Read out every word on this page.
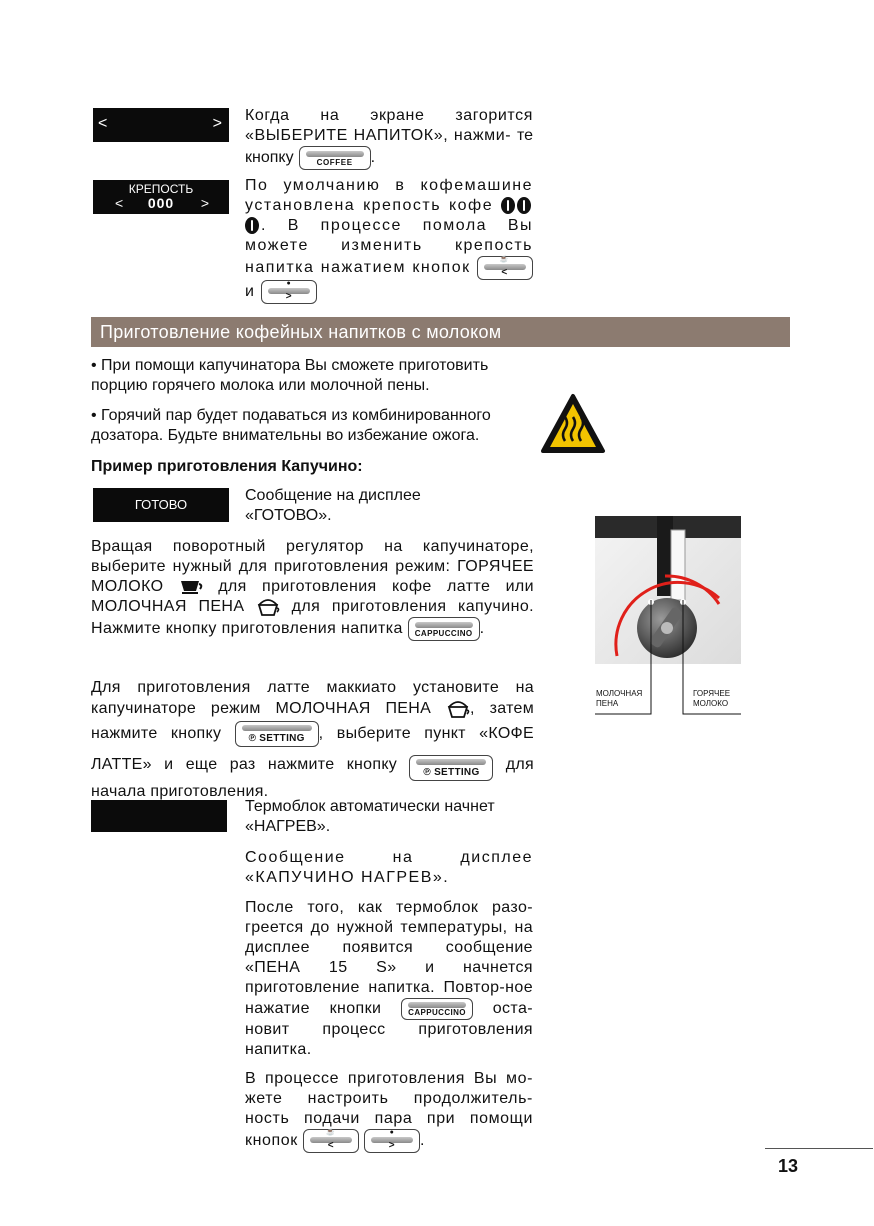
<	> Когда на экране загорится «ВЫБЕРИТЕ НАПИТОК», нажми- те кнопку	COFFEE	.
КРЕПОСТЬ
<	000	>
По умолчанию в кофемашине установлена крепость кофе . В процессе помола Вы можете изменить крепость напитка нажатием кнопок	☕
<
и	●
>
Приготовление кофейных напитков с молоком
• При помощи капучинатора Вы сможете приготовить порцию горячего молока или молочной пены.
• Горячий пар будет подаваться из комбинированного дозатора. Будьте внимательны во избежание ожога.
Пример приготовления Капучино:
ГОТОВО
Сообщение на дисплее «ГОТОВО».
Вращая поворотный регулятор на капучинаторе, выберите нужный для приготовления режим: ГОРЯЧЕЕ МОЛОКО	для приготовления кофе латте или МОЛОЧНАЯ ПЕНА	для приготовления капучино. Нажмите кнопку приготовления напитка	CAPPUCCINO .
Для приготовления латте маккиато установите на капучинаторе режим МОЛОЧНАЯ ПЕНА , затем нажмите кнопку	℗ SETTING , выберите пункт «КОФЕ ЛАТТЕ» и еще раз нажмите кнопку	℗ SETTING	для начала приготовления.
МОЛОЧНАЯ ПЕНА
ГОРЯЧЕЕ МОЛОКО
Термоблок автоматически начнет «НАГРЕВ».
Сообщение на дисплее «КАПУЧИНО НАГРЕВ».
После того, как термоблок разо-греется до нужной температуры, на дисплее появится сообщение «ПЕНА 15 S» и начнется приготовление напитка. Повтор-ное нажатие кнопки	CAPPUCCINO	оста-новит процесс приготовления напитка.
В процессе приготовления Вы мо-жете настроить продолжитель-ность подачи пара при помощи кнопок	☕
<

●
>	.
13
